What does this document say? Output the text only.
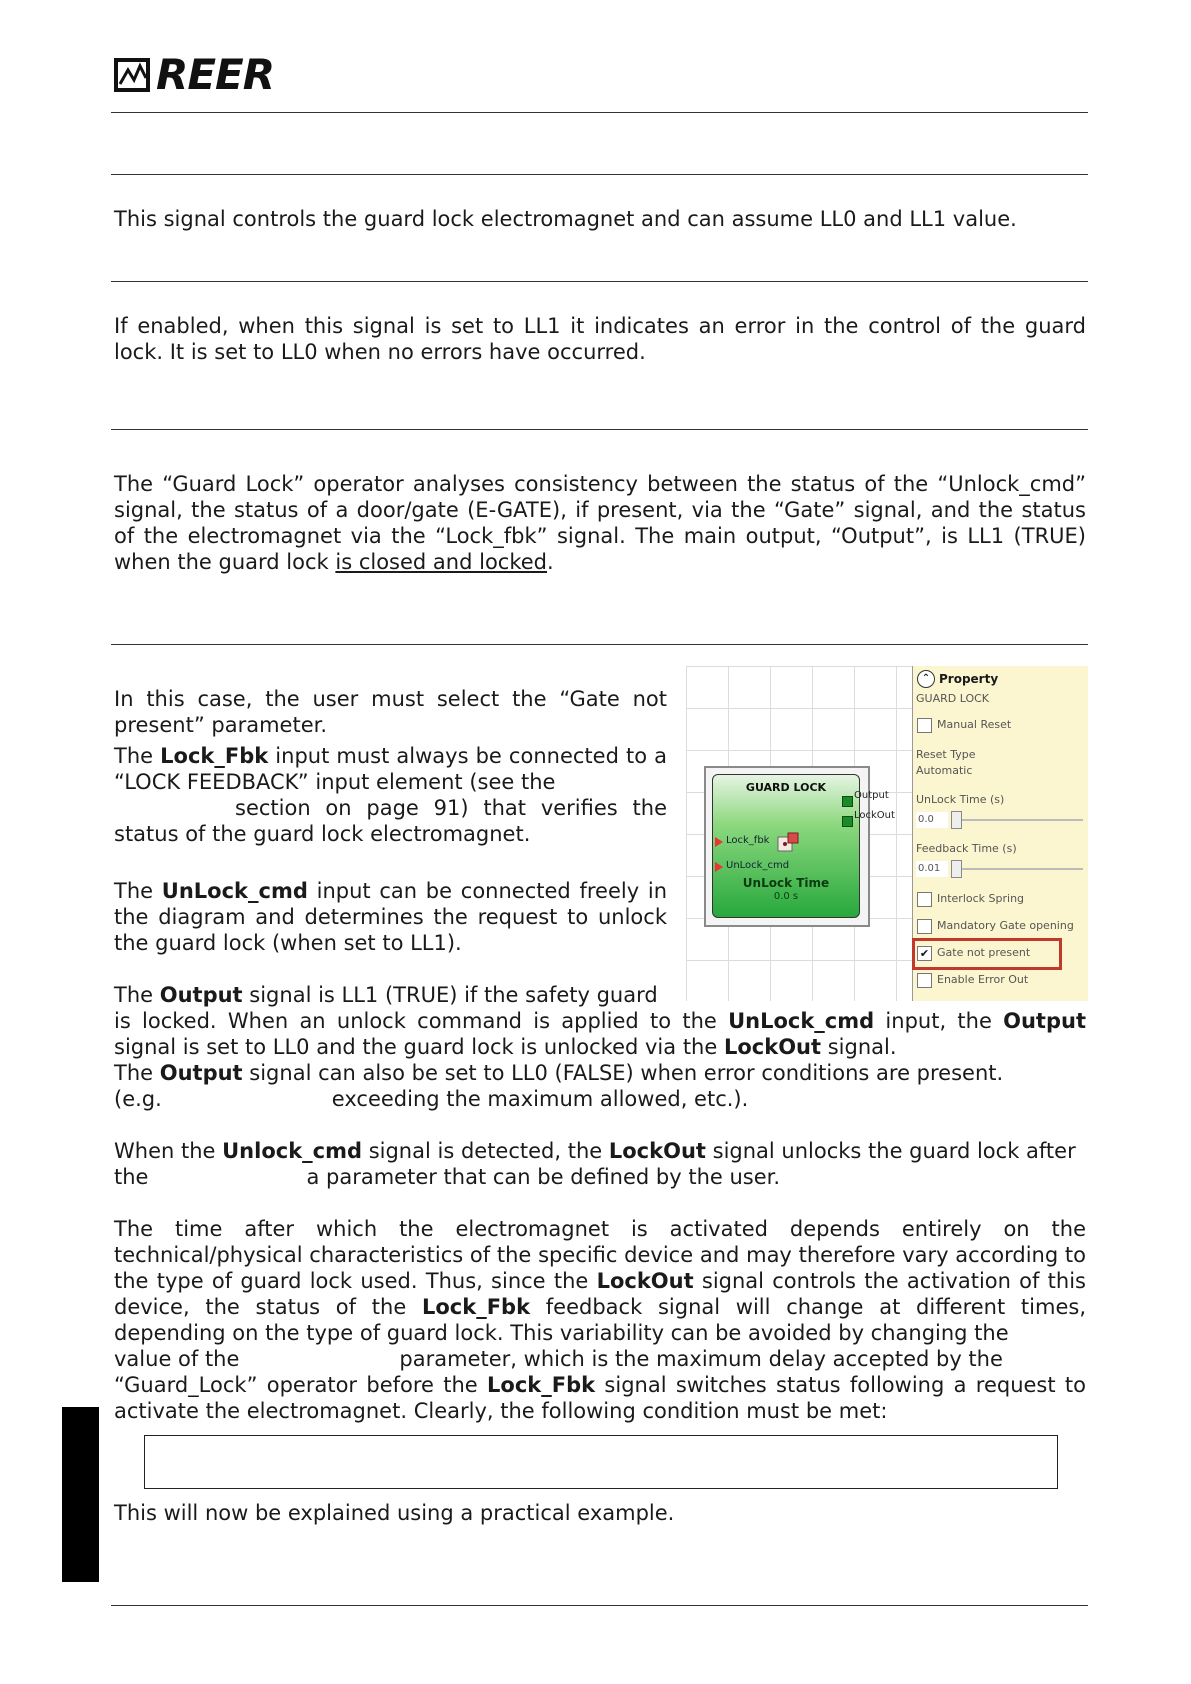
REER
This signal controls the guard lock electromagnet and can assume LL0 and LL1 value.
If enabled, when this signal is set to LL1 it indicates an error in the control of the guard lock. It is set to LL0 when no errors have occurred.
The “Guard Lock” operator analyses consistency between the status of the “Unlock_cmd” signal, the status of a door/gate (E-GATE), if present, via the “Gate” signal, and the status of the electromagnet via the “Lock_fbk” signal. The main output, “Output”, is LL1 (TRUE) when the guard lock is closed and locked.
In this case, the user must select the “Gate not present” parameter.
The Lock_Fbk input must always be connected to a “LOCK FEEDBACK” input element (see the
section on page 91) that verifies the status of the guard lock electromagnet.
The UnLock_cmd input can be connected freely in the diagram and determines the request to unlock the guard lock (when set to LL1).
The Output signal is LL1 (TRUE) if the safety guard
is locked. When an unlock command is applied to the UnLock_cmd input, the Output signal is set to LL0 and the guard lock is unlocked via the LockOut signal.
The Output signal can also be set to LL0 (FALSE) when error conditions are present.
(e.g.	exceeding the maximum allowed, etc.).
When the Unlock_cmd signal is detected, the LockOut signal unlocks the guard lock after
the	a parameter that can be defined by the user.
The time after which the electromagnet is activated depends entirely on the technical/physical characteristics of the specific device and may therefore vary according to the type of guard lock used. Thus, since the LockOut signal controls the activation of this device, the status of the Lock_Fbk feedback signal will change at different times, depending on the type of guard lock. This variability can be avoided by changing the
value of the	parameter, which is the maximum delay accepted by the
“Guard_Lock” operator before the Lock_Fbk signal switches status following a request to activate the electromagnet. Clearly, the following condition must be met:
This will now be explained using a practical example.
GUARD LOCK
Lock_fbk
UnLock_cmd
UnLock Time
0.0 s
Output
LockOut
⌃ Property
GUARD LOCK
Manual Reset
Reset Type
Automatic
UnLock Time (s)
0.0
Feedback Time (s)
0.01
Interlock Spring
Mandatory Gate opening
✔ Gate not present
Enable Error Out
